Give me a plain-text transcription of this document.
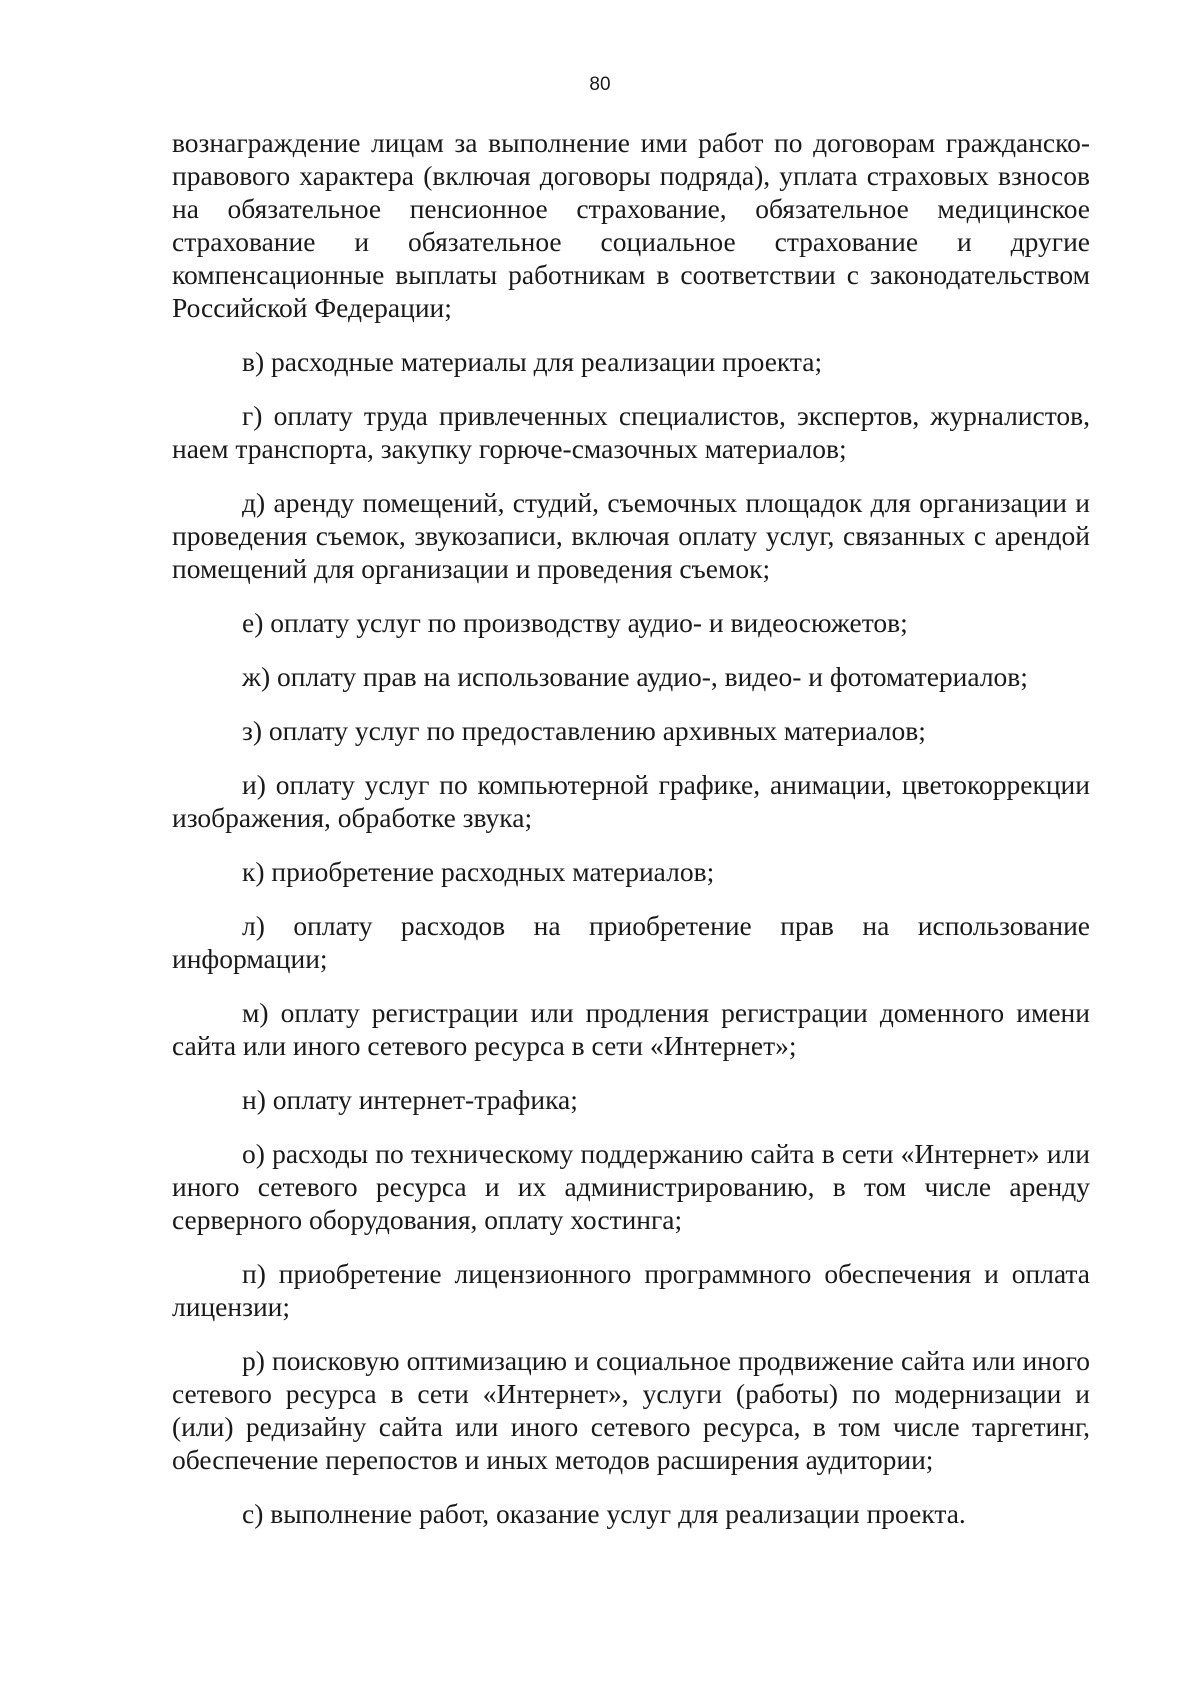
80

вознаграждение лицам за выполнение ими работ по договорам гражданско-правового характера (включая договоры подряда), уплата страховых взносов на обязательное пенсионное страхование, обязательное медицинское страхование и обязательное социальное страхование и другие компенсационные выплаты работникам в соответствии с законодательством Российской Федерации;

в) расходные материалы для реализации проекта;

г) оплату труда привлеченных специалистов, экспертов, журналистов, наем транспорта, закупку горюче-смазочных материалов;

д) аренду помещений, студий, съемочных площадок для организации и проведения съемок, звукозаписи, включая оплату услуг, связанных с арендой помещений для организации и проведения съемок;

е) оплату услуг по производству аудио- и видеосюжетов;

ж) оплату прав на использование аудио-, видео- и фотоматериалов;

з) оплату услуг по предоставлению архивных материалов;

и) оплату услуг по компьютерной графике, анимации, цветокоррекции изображения, обработке звука;

к) приобретение расходных материалов;

л) оплату расходов на приобретение прав на использование информации;

м) оплату регистрации или продления регистрации доменного имени сайта или иного сетевого ресурса в сети «Интернет»;

н) оплату интернет-трафика;

о) расходы по техническому поддержанию сайта в сети «Интернет» или иного сетевого ресурса и их администрированию, в том числе аренду серверного оборудования, оплату хостинга;

п) приобретение лицензионного программного обеспечения и оплата лицензии;

р) поисковую оптимизацию и социальное продвижение сайта или иного сетевого ресурса в сети «Интернет», услуги (работы) по модернизации и (или) редизайну сайта или иного сетевого ресурса, в том числе таргетинг, обеспечение перепостов и иных методов расширения аудитории;

с) выполнение работ, оказание услуг для реализации проекта.
